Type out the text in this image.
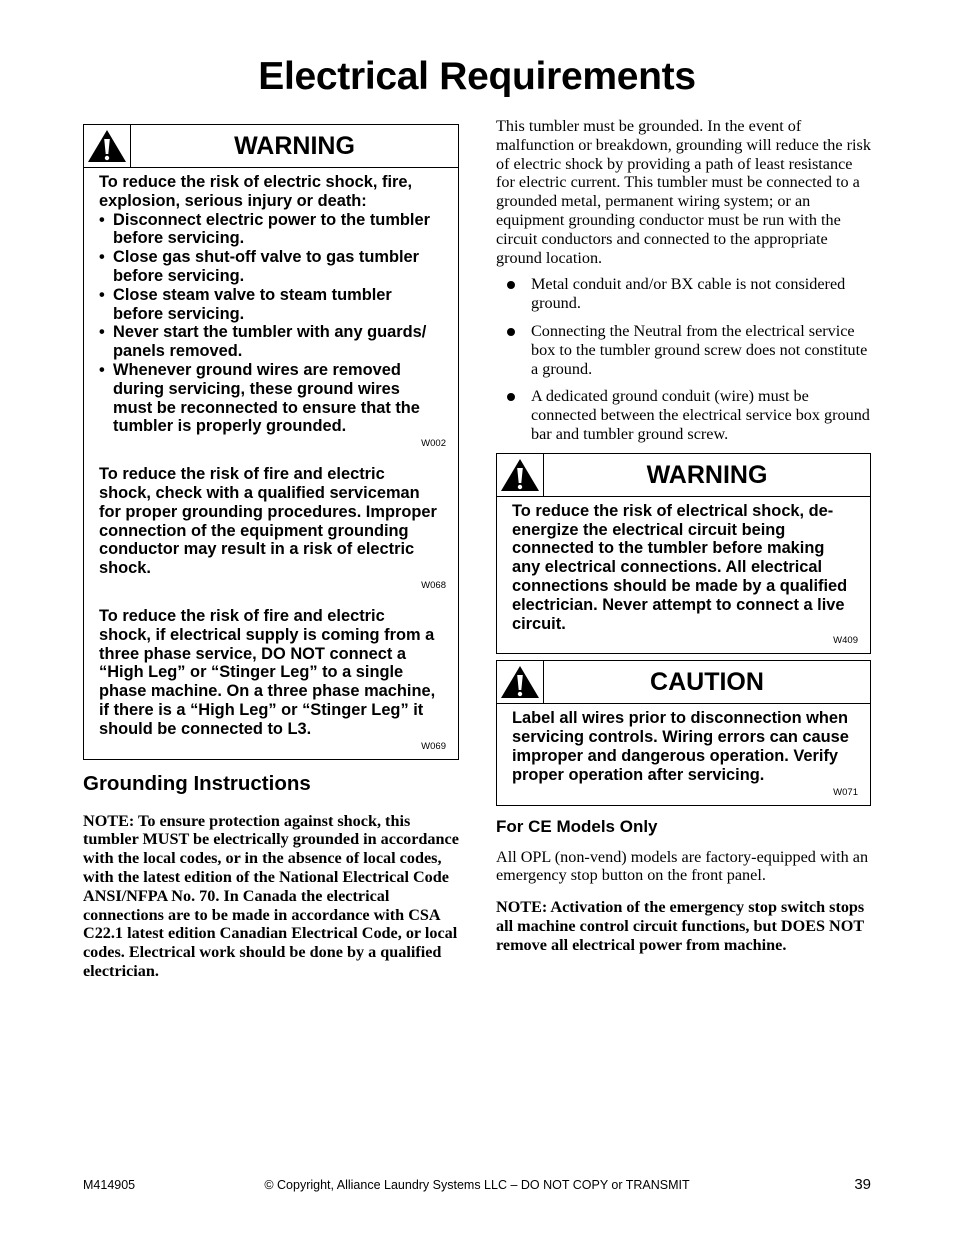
Electrical Requirements
WARNING
To reduce the risk of electric shock, fire, explosion, serious injury or death:
• Disconnect electric power to the tumbler before servicing.
• Close gas shut-off valve to gas tumbler before servicing.
• Close steam valve to steam tumbler before servicing.
• Never start the tumbler with any guards/ panels removed.
• Whenever ground wires are removed during servicing, these ground wires must be reconnected to ensure that the tumbler is properly grounded.
W002
To reduce the risk of fire and electric shock, check with a qualified serviceman for proper grounding procedures. Improper connection of the equipment grounding conductor may result in a risk of electric shock.
W068
To reduce the risk of fire and electric shock, if electrical supply is coming from a three phase service, DO NOT connect a “High Leg” or “Stinger Leg” to a single phase machine. On a three phase machine, if there is a “High Leg” or “Stinger Leg” it should be connected to L3.
W069
Grounding Instructions
NOTE: To ensure protection against shock, this tumbler MUST be electrically grounded in accordance with the local codes, or in the absence of local codes, with the latest edition of the National Electrical Code ANSI/NFPA No. 70. In Canada the electrical connections are to be made in accordance with CSA C22.1 latest edition Canadian Electrical Code, or local codes. Electrical work should be done by a qualified electrician.
This tumbler must be grounded. In the event of malfunction or breakdown, grounding will reduce the risk of electric shock by providing a path of least resistance for electric current. This tumbler must be connected to a grounded metal, permanent wiring system; or an equipment grounding conductor must be run with the circuit conductors and connected to the appropriate ground location.
Metal conduit and/or BX cable is not considered ground.
Connecting the Neutral from the electrical service box to the tumbler ground screw does not constitute a ground.
A dedicated ground conduit (wire) must be connected between the electrical service box ground bar and tumbler ground screw.
WARNING
To reduce the risk of electrical shock, de-energize the electrical circuit being connected to the tumbler before making any electrical connections. All electrical connections should be made by a qualified electrician. Never attempt to connect a live circuit.
W409
CAUTION
Label all wires prior to disconnection when servicing controls. Wiring errors can cause improper and dangerous operation. Verify proper operation after servicing.
W071
For CE Models Only
All OPL (non-vend) models are factory-equipped with an emergency stop button on the front panel.
NOTE: Activation of the emergency stop switch stops all machine control circuit functions, but DOES NOT remove all electrical power from machine.
M414905	© Copyright, Alliance Laundry Systems LLC – DO NOT COPY or TRANSMIT	39
